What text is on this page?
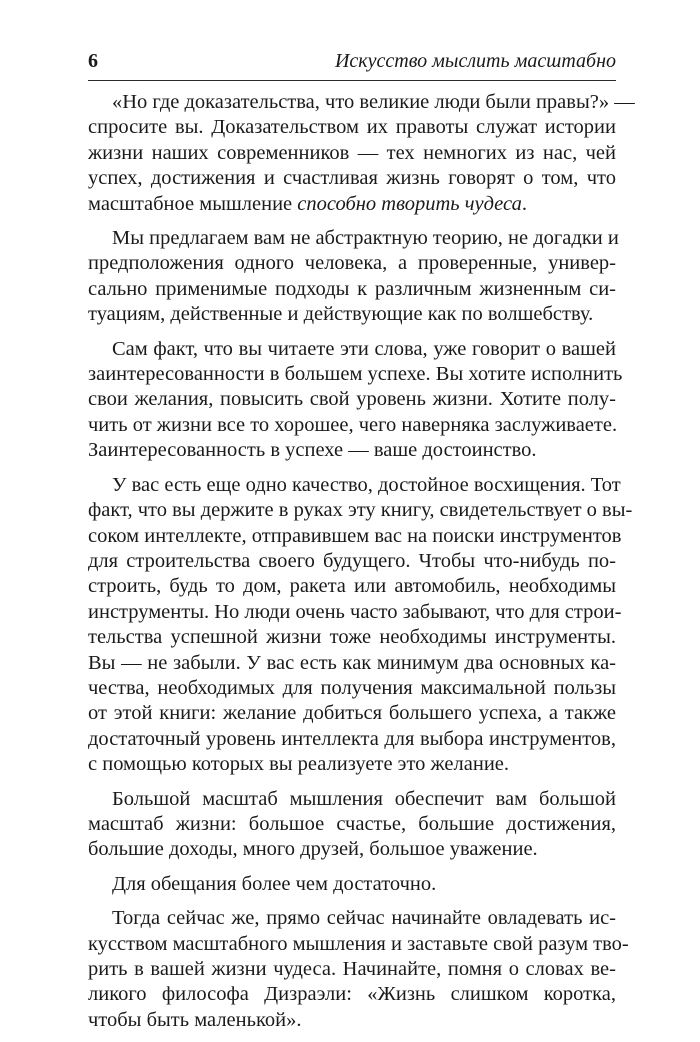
6	Искусство мыслить масштабно

«Но где доказательства, что великие люди были правы?» —
спросите вы. Доказательством их правоты служат истории
жизни наших современников — тех немногих из нас, чей
успех, достижения и счастливая жизнь говорят о том, что
масштабное мышление способно творить чудеса.

Мы предлагаем вам не абстрактную теорию, не догадки и
предположения одного человека, а проверенные, универ-
сально применимые подходы к различным жизненным си-
туациям, действенные и действующие как по волшебству.

Сам факт, что вы читаете эти слова, уже говорит о вашей
заинтересованности в большем успехе. Вы хотите исполнить
свои желания, повысить свой уровень жизни. Хотите полу-
чить от жизни все то хорошее, чего наверняка заслуживаете.
Заинтересованность в успехе — ваше достоинство.

У вас есть еще одно качество, достойное восхищения. Тот
факт, что вы держите в руках эту книгу, свидетельствует о вы-
соком интеллекте, отправившем вас на поиски инструментов
для строительства своего будущего. Чтобы что-нибудь по-
строить, будь то дом, ракета или автомобиль, необходимы
инструменты. Но люди очень часто забывают, что для строи-
тельства успешной жизни тоже необходимы инструменты.
Вы — не забыли. У вас есть как минимум два основных ка-
чества, необходимых для получения максимальной пользы
от этой книги: желание добиться большего успеха, а также
достаточный уровень интеллекта для выбора инструментов,
с помощью которых вы реализуете это желание.

Большой масштаб мышления обеспечит вам большой
масштаб жизни: большое счастье, большие достижения,
большие доходы, много друзей, большое уважение.

Для обещания более чем достаточно.

Тогда сейчас же, прямо сейчас начинайте овладевать ис-
кусством масштабного мышления и заставьте свой разум тво-
рить в вашей жизни чудеса. Начинайте, помня о словах ве-
ликого философа Дизраэли: «Жизнь слишком коротка,
чтобы быть маленькой».
